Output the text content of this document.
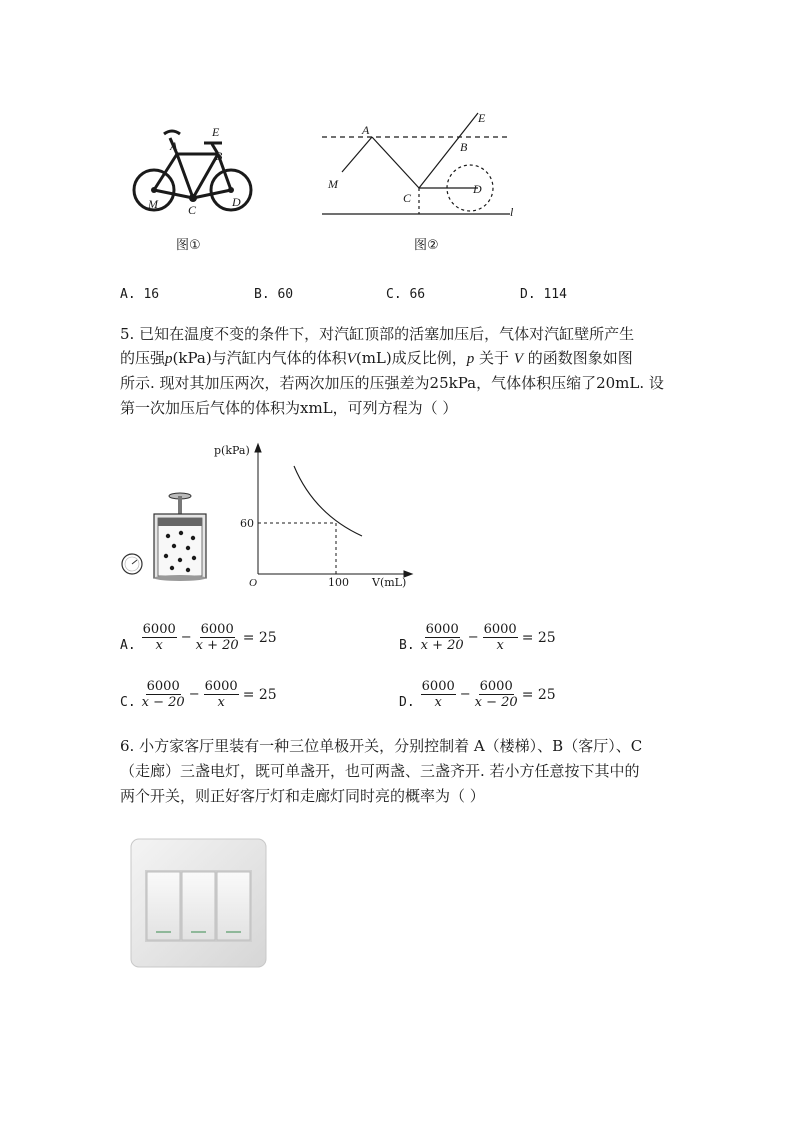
A
E
B
M	C
D
图①
A
E
B
M
C
D
l
图②
A. 16	B. 60	C. 66	D. 114
5. 已知在温度不变的条件下，对汽缸顶部的活塞加压后，气体对汽缸壁所产生
的压强p(kPa)与汽缸内气体的体积V(mL)成反比例，p 关于 V 的函数图象如图
所示. 现对其加压两次，若两次加压的压强差为25kPa，气体体积压缩了20mL. 设
第一次加压后气体的体积为xmL，可列方程为（ ）
p(kPa)
V(mL)
O
60
100
A. $\frac{6000}{x} - \frac{6000}{x + 20} = 25$	B. $\frac{6000}{x + 20} - \frac{6000}{x} = 25$
C. $\frac{6000}{x - 20} - \frac{6000}{x} = 25$	D. $\frac{6000}{x} - \frac{6000}{x - 20} = 25$
6. 小方家客厅里装有一种三位单极开关，分别控制着 A（楼梯）、B（客厅）、C
（走廊）三盏电灯，既可单盏开，也可两盏、三盏齐开. 若小方任意按下其中的
两个开关，则正好客厅灯和走廊灯同时亮的概率为（ ）
